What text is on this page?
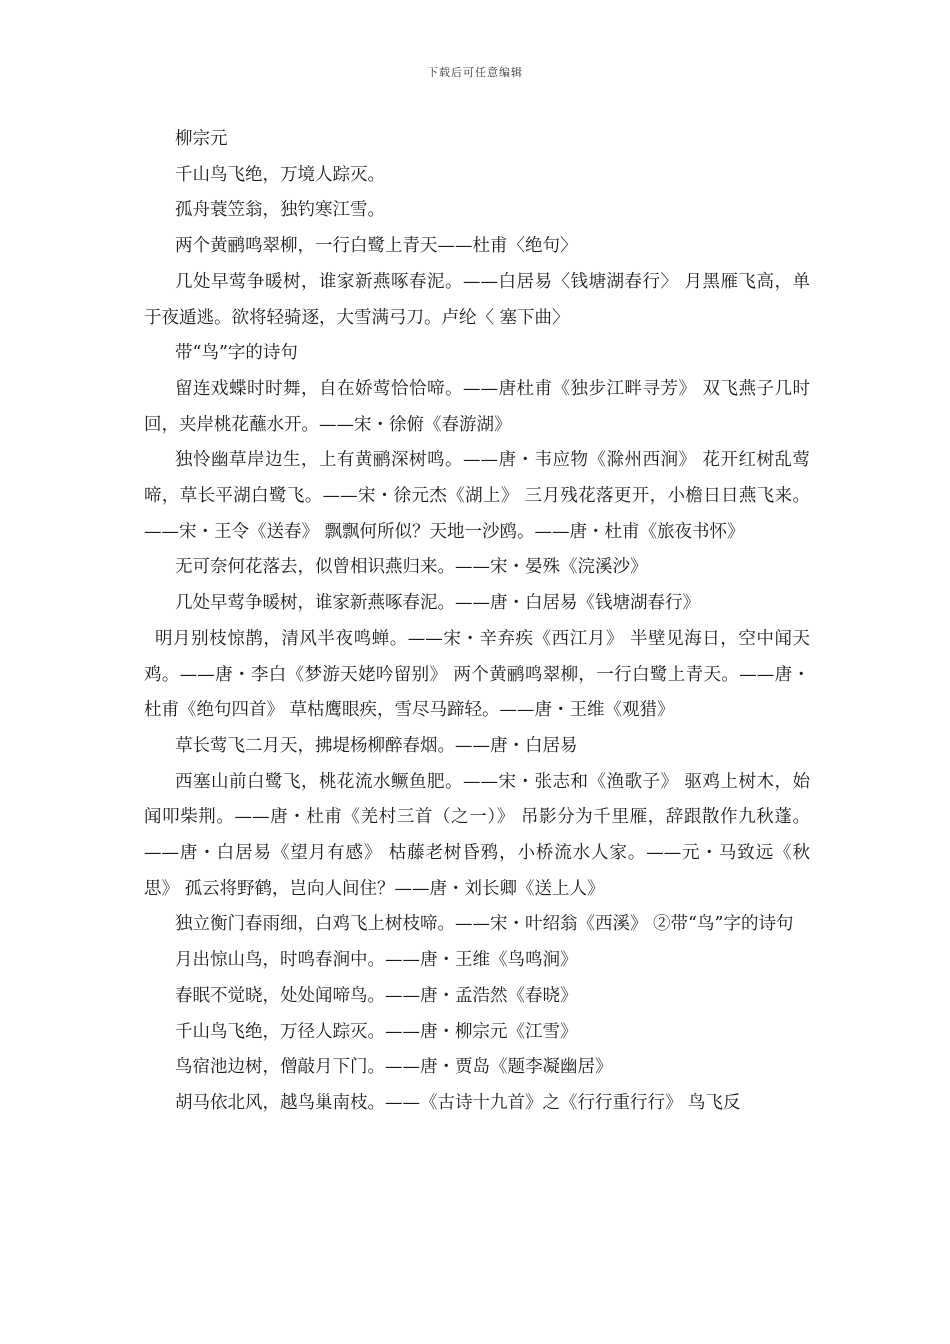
下载后可任意编辑

柳宗元

千山鸟飞绝，万境人踪灭。

孤舟蓑笠翁，独钓寒江雪。

两个黄鹂鸣翠柳，一行白鹭上青天——杜甫〈绝句〉

几处早莺争暖树，谁家新燕啄春泥。——白居易〈钱塘湖春行〉 月黑雁飞高，单于夜遁逃。欲将轻骑逐，大雪满弓刀。卢纶〈 塞下曲〉

带“鸟”字的诗句

留连戏蝶时时舞，自在娇莺恰恰啼。——唐杜甫《独步江畔寻芳》 双飞燕子几时回，夹岸桃花蘸水开。——宋・徐俯《春游湖》

独怜幽草岸边生，上有黄鹂深树鸣。——唐・韦应物《滁州西涧》 花开红树乱莺啼，草长平湖白鹭飞。——宋・徐元杰《湖上》 三月残花落更开，小檐日日燕飞来。——宋・王令《送春》 飘飘何所似？天地一沙鸥。——唐・杜甫《旅夜书怀》

无可奈何花落去，似曾相识燕归来。——宋・晏殊《浣溪沙》

几处早莺争暖树，谁家新燕啄春泥。——唐・白居易《钱塘湖春行》

明月别枝惊鹊，清风半夜鸣蝉。——宋・辛弃疾《西江月》 半壁见海日，空中闻天鸡。——唐・李白《梦游天姥吟留别》 两个黄鹂鸣翠柳，一行白鹭上青天。——唐・杜甫《绝句四首》 草枯鹰眼疾，雪尽马蹄轻。——唐・王维《观猎》

草长莺飞二月天，拂堤杨柳醉春烟。——唐・白居易

西塞山前白鹭飞，桃花流水鳜鱼肥。——宋・张志和《渔歌子》 驱鸡上树木，始闻叩柴荆。——唐・杜甫《羌村三首（之一）》 吊影分为千里雁，辞跟散作九秋蓬。——唐・白居易《望月有感》 枯藤老树昏鸦，小桥流水人家。——元・马致远《秋思》 孤云将野鹤，岂向人间住？——唐・刘长卿《送上人》

独立衡门春雨细，白鸡飞上树枝啼。——宋・叶绍翁《西溪》 ②带“鸟”字的诗句

月出惊山鸟，时鸣春涧中。——唐・王维《鸟鸣涧》

春眠不觉晓，处处闻啼鸟。——唐・孟浩然《春晓》

千山鸟飞绝，万径人踪灭。——唐・柳宗元《江雪》

鸟宿池边树，僧敲月下门。——唐・贾岛《题李凝幽居》

胡马依北风，越鸟巢南枝。——《古诗十九首》之《行行重行行》 鸟飞反
